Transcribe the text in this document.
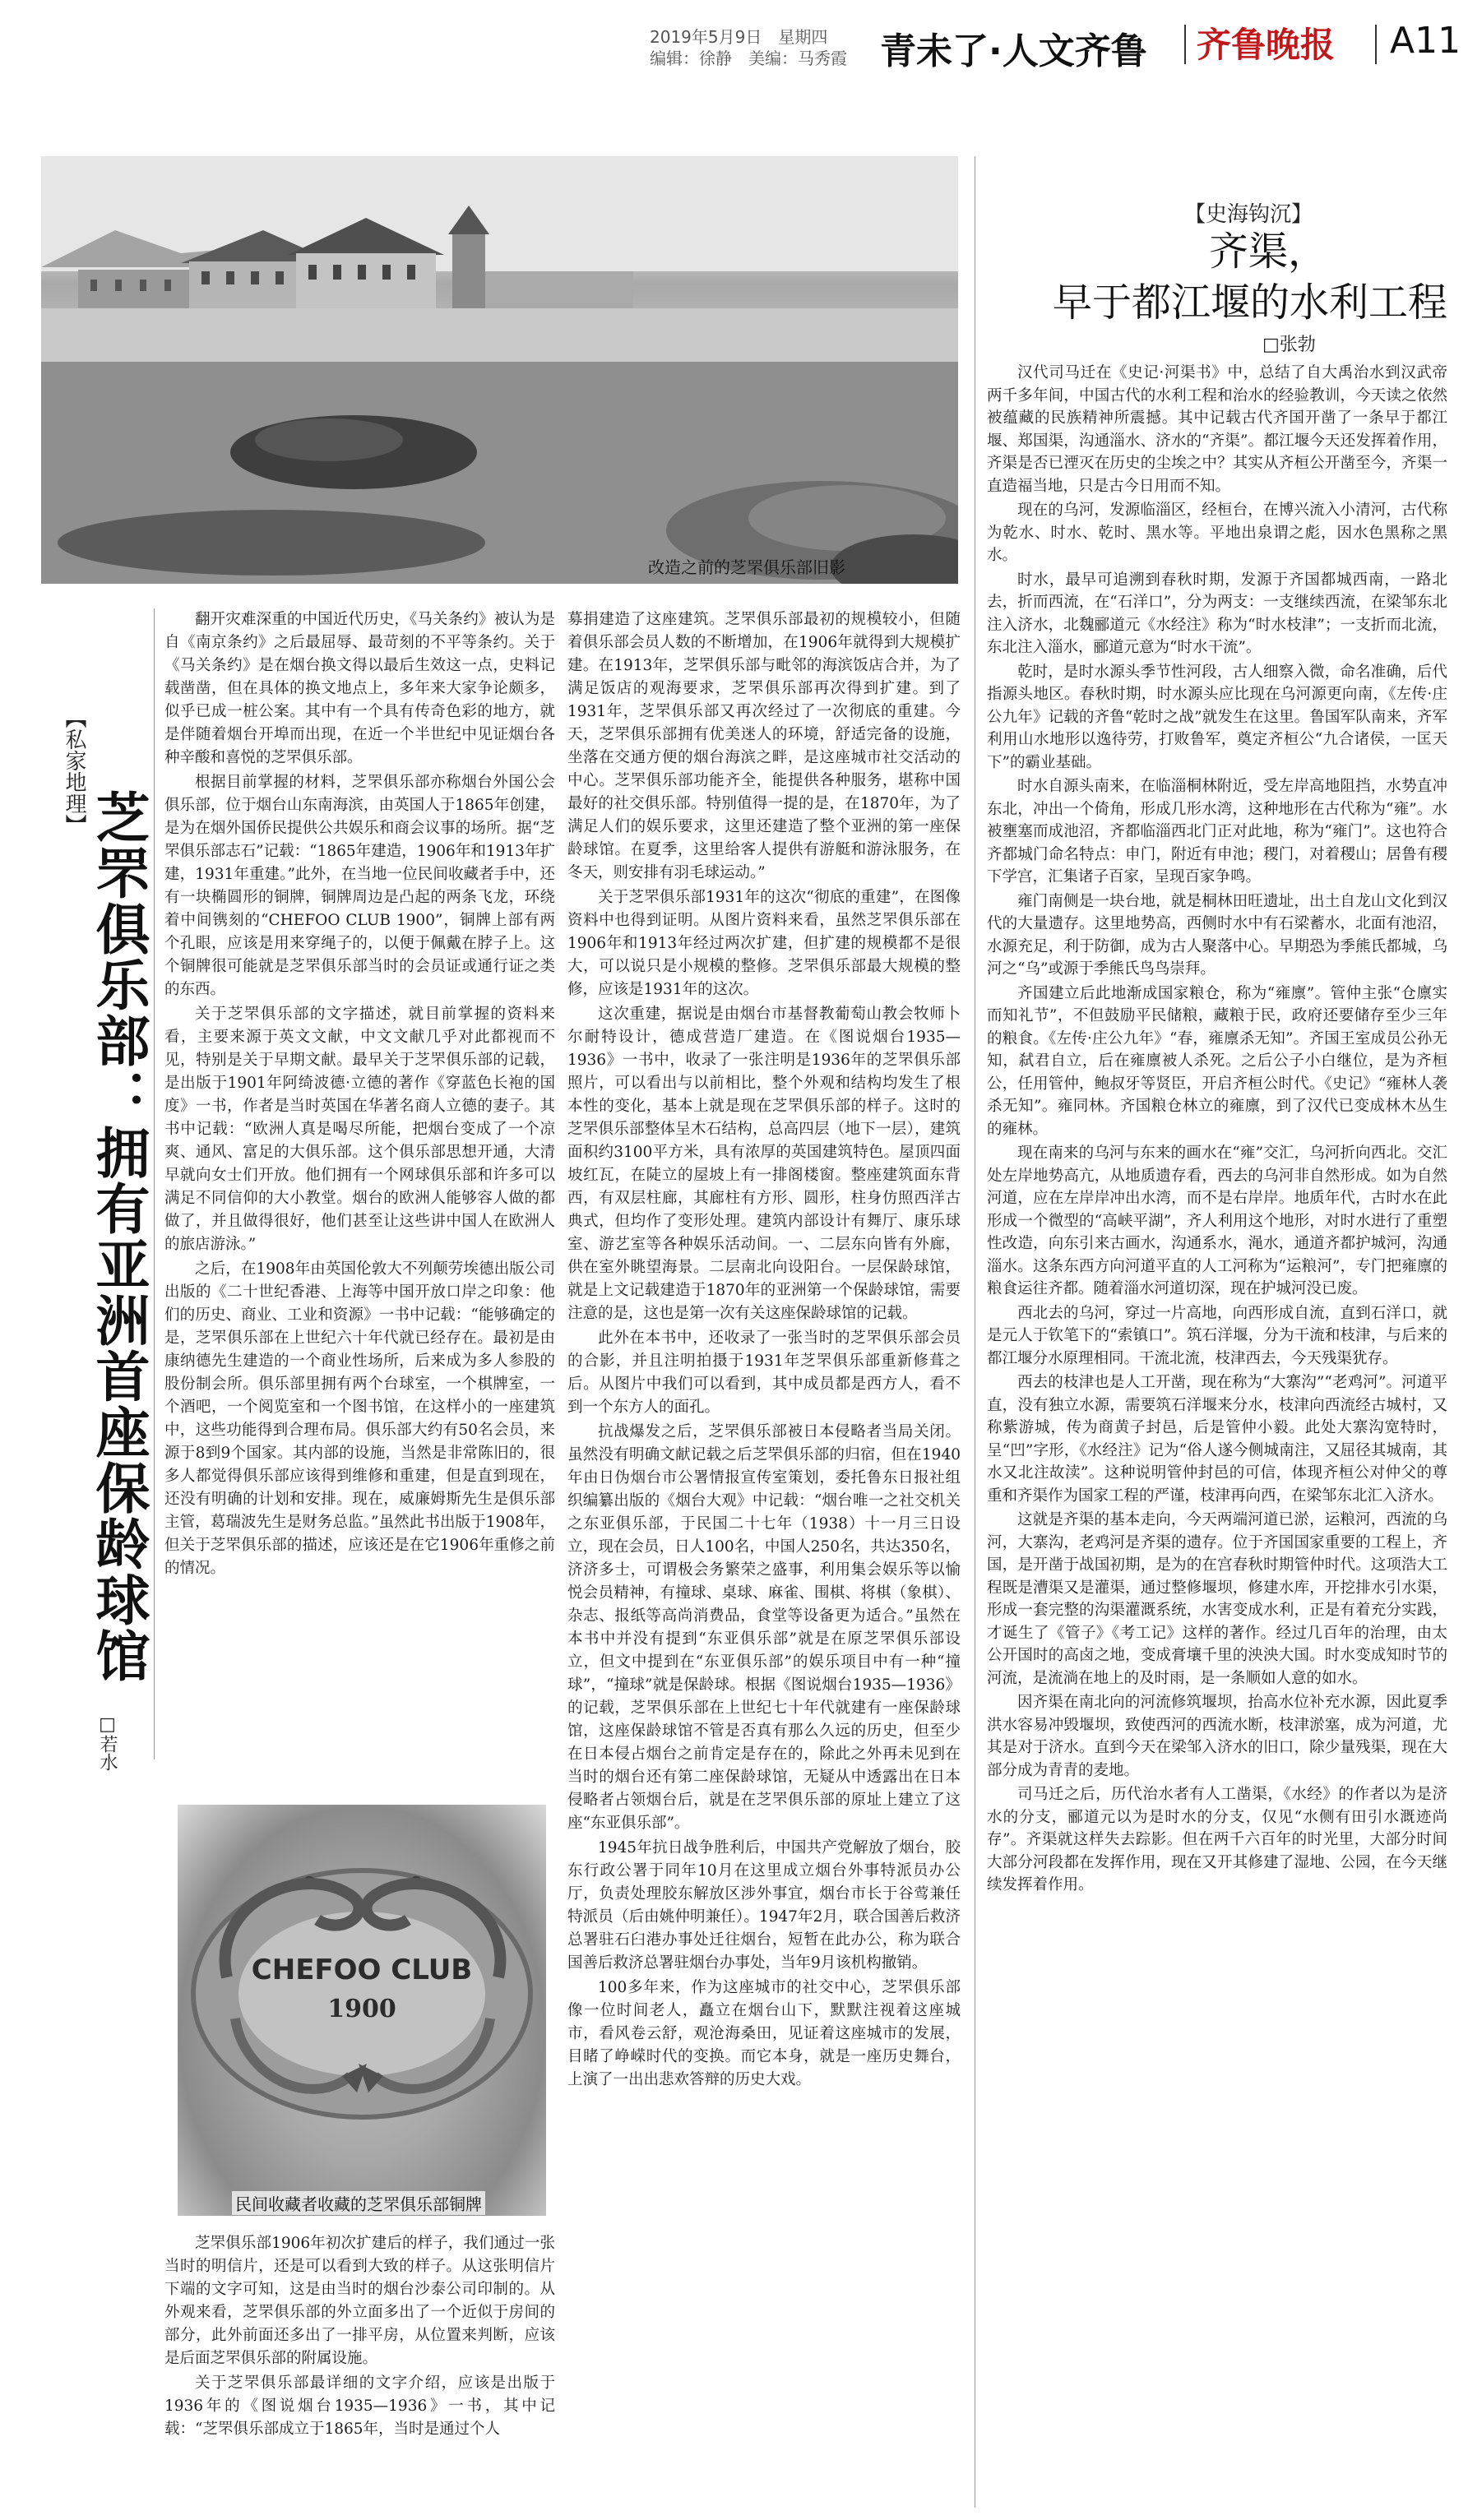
2019年5月9日　星期四
编辑：徐静　美编：马秀霞 青未了·人文齐鲁 齐鲁晚报 A11
改造之前的芝罘俱乐部旧影
【史海钩沉】
齐渠，
早于都江堰的水利工程
□张勃
【私家地理】
芝罘俱乐部：拥有亚洲首座保龄球馆
□若水

翻开灾难深重的中国近代历史，《马关条约》被认为是自《南京条约》之后最屈辱、最苛刻的不平等条约。关于《马关条约》是在烟台换文得以最后生效这一点，史料记载凿凿，但在具体的换文地点上，多年来大家争论颇多，似乎已成一桩公案。其中有一个具有传奇色彩的地方，就是伴随着烟台开埠而出现，在近一个半世纪中见证烟台各种辛酸和喜悦的芝罘俱乐部。

根据目前掌握的材料，芝罘俱乐部亦称烟台外国公会俱乐部，位于烟台山东南海滨，由英国人于1865年创建，是为在烟外国侨民提供公共娱乐和商会议事的场所。据“芝罘俱乐部志石”记载：“1865年建造，1906年和1913年扩建，1931年重建。”此外，在当地一位民间收藏者手中，还有一块椭圆形的铜牌，铜牌周边是凸起的两条飞龙，环绕着中间镌刻的“CHEFOO CLUB 1900”，铜牌上部有两个孔眼，应该是用来穿绳子的，以便于佩戴在脖子上。这个铜牌很可能就是芝罘俱乐部当时的会员证或通行证之类的东西。

关于芝罘俱乐部的文字描述，就目前掌握的资料来看，主要来源于英文文献，中文文献几乎对此都视而不见，特别是关于早期文献。最早关于芝罘俱乐部的记载，是出版于1901年阿绮波德·立德的著作《穿蓝色长袍的国度》一书，作者是当时英国在华著名商人立德的妻子。其书中记载：“欧洲人真是喝尽所能，把烟台变成了一个凉爽、通风、富足的大俱乐部。这个俱乐部思想开通，大清早就向女士们开放。他们拥有一个网球俱乐部和许多可以满足不同信仰的大小教堂。烟台的欧洲人能够容人做的都做了，并且做得很好，他们甚至让这些讲中国人在欧洲人的旅店游泳。”

之后，在1908年由英国伦敦大不列颠劳埃德出版公司出版的《二十世纪香港、上海等中国开放口岸之印象：他们的历史、商业、工业和资源》一书中记载：“能够确定的是，芝罘俱乐部在上世纪六十年代就已经存在。最初是由康纳德先生建造的一个商业性场所，后来成为多人参股的股份制会所。俱乐部里拥有两个台球室，一个棋牌室，一个酒吧，一个阅览室和一个图书馆，在这样小的一座建筑中，这些功能得到合理布局。俱乐部大约有50名会员，来源于8到9个国家。其内部的设施，当然是非常陈旧的，很多人都觉得俱乐部应该得到维修和重建，但是直到现在，还没有明确的计划和安排。现在，威廉姆斯先生是俱乐部主管，葛瑞波先生是财务总监。”虽然此书出版于1908年，但关于芝罘俱乐部的描述，应该还是在它1906年重修之前的情况。

CHEFOO CLUB
1900
民间收藏者收藏的芝罘俱乐部铜牌

芝罘俱乐部1906年初次扩建后的样子，我们通过一张当时的明信片，还是可以看到大致的样子。从这张明信片下端的文字可知，这是由当时的烟台沙泰公司印制的。从外观来看，芝罘俱乐部的外立面多出了一个近似于房间的部分，此外前面还多出了一排平房，从位置来判断，应该是后面芝罘俱乐部的附属设施。

关于芝罘俱乐部最详细的文字介绍，应该是出版于1936年的《图说烟台1935—1936》一书，其中记载：“芝罘俱乐部成立于1865年，当时是通过个人

募捐建造了这座建筑。芝罘俱乐部最初的规模较小，但随着俱乐部会员人数的不断增加，在1906年就得到大规模扩建。在1913年，芝罘俱乐部与毗邻的海滨饭店合并，为了满足饭店的观海要求，芝罘俱乐部再次得到扩建。到了1931年，芝罘俱乐部又再次经过了一次彻底的重建。今天，芝罘俱乐部拥有优美迷人的环境，舒适完备的设施，坐落在交通方便的烟台海滨之畔，是这座城市社交活动的中心。芝罘俱乐部功能齐全，能提供各种服务，堪称中国最好的社交俱乐部。特别值得一提的是，在1870年，为了满足人们的娱乐要求，这里还建造了整个亚洲的第一座保龄球馆。在夏季，这里给客人提供有游艇和游泳服务，在冬天，则安排有羽毛球运动。”

关于芝罘俱乐部1931年的这次“彻底的重建”，在图像资料中也得到证明。从图片资料来看，虽然芝罘俱乐部在1906年和1913年经过两次扩建，但扩建的规模都不是很大，可以说只是小规模的整修。芝罘俱乐部最大规模的整修，应该是1931年的这次。

这次重建，据说是由烟台市基督教葡萄山教会牧师卜尔耐特设计，德成营造厂建造。在《图说烟台1935—1936》一书中，收录了一张注明是1936年的芝罘俱乐部照片，可以看出与以前相比，整个外观和结构均发生了根本性的变化，基本上就是现在芝罘俱乐部的样子。这时的芝罘俱乐部整体呈木石结构，总高四层（地下一层），建筑面积约3100平方米，具有浓厚的英国建筑特色。屋顶四面坡红瓦，在陡立的屋坡上有一排阁楼窗。整座建筑面东背西，有双层柱廊，其廊柱有方形、圆形，柱身仿照西洋古典式，但均作了变形处理。建筑内部设计有舞厅、康乐球室、游艺室等各种娱乐活动间。一、二层东向皆有外廊，供在室外眺望海景。二层南北向设阳台。一层保龄球馆，就是上文记载建造于1870年的亚洲第一个保龄球馆，需要注意的是，这也是第一次有关这座保龄球馆的记载。

此外在本书中，还收录了一张当时的芝罘俱乐部会员的合影，并且注明拍摄于1931年芝罘俱乐部重新修葺之后。从图片中我们可以看到，其中成员都是西方人，看不到一个东方人的面孔。

抗战爆发之后，芝罘俱乐部被日本侵略者当局关闭。虽然没有明确文献记载之后芝罘俱乐部的归宿，但在1940年由日伪烟台市公署情报宣传室策划，委托鲁东日报社组织编纂出版的《烟台大观》中记载：“烟台唯一之社交机关之东亚俱乐部，于民国二十七年（1938）十一月三日设立，现在会员，日人100名，中国人250名，共达350名，济济多士，可谓极会务繁荣之盛事，利用集会娱乐等以愉悦会员精神，有撞球、桌球、麻雀、围棋、将棋（象棋）、杂志、报纸等高尚消费品，食堂等设备更为适合。”虽然在本书中并没有提到“东亚俱乐部”就是在原芝罘俱乐部设立，但文中提到在“东亚俱乐部”的娱乐项目中有一种“撞球”，“撞球”就是保龄球。根据《图说烟台1935—1936》的记载，芝罘俱乐部在上世纪七十年代就建有一座保龄球馆，这座保龄球馆不管是否真有那么久远的历史，但至少在日本侵占烟台之前肯定是存在的，除此之外再未见到在当时的烟台还有第二座保龄球馆，无疑从中透露出在日本侵略者占领烟台后，就是在芝罘俱乐部的原址上建立了这座“东亚俱乐部”。

1945年抗日战争胜利后，中国共产党解放了烟台，胶东行政公署于同年10月在这里成立烟台外事特派员办公厅，负责处理胶东解放区涉外事宜，烟台市长于谷莺兼任特派员（后由姚仲明兼任）。1947年2月，联合国善后救济总署驻石臼港办事处迁往烟台，短暂在此办公，称为联合国善后救济总署驻烟台办事处，当年9月该机构撤销。

100多年来，作为这座城市的社交中心，芝罘俱乐部像一位时间老人，矗立在烟台山下，默默注视着这座城市，看风卷云舒，观沧海桑田，见证着这座城市的发展，目睹了峥嵘时代的变换。而它本身，就是一座历史舞台，上演了一出出悲欢答辩的历史大戏。

汉代司马迁在《史记·河渠书》中，总结了自大禹治水到汉武帝两千多年间，中国古代的水利工程和治水的经验教训，今天读之依然被蕴藏的民族精神所震撼。其中记载古代齐国开凿了一条早于都江堰、郑国渠，沟通淄水、济水的“齐渠”。都江堰今天还发挥着作用，齐渠是否已湮灭在历史的尘埃之中？其实从齐桓公开凿至今，齐渠一直造福当地，只是古今日用而不知。

现在的乌河，发源临淄区，经桓台，在博兴流入小清河，古代称为乾水、时水、乾时、黑水等。平地出泉谓之彪，因水色黑称之黑水。

时水，最早可追溯到春秋时期，发源于齐国都城西南，一路北去，折而西流，在“石洋口”，分为两支：一支继续西流，在梁邹东北注入济水，北魏郦道元《水经注》称为“时水枝津”；一支折而北流，东北注入淄水，郦道元意为“时水干流”。

乾时，是时水源头季节性河段，古人细察入微，命名准确，后代指源头地区。春秋时期，时水源头应比现在乌河源更向南，《左传·庄公九年》记载的齐鲁“乾时之战”就发生在这里。鲁国军队南来，齐军利用山水地形以逸待劳，打败鲁军，奠定齐桓公“九合诸侯，一匡天下”的霸业基础。

时水自源头南来，在临淄桐林附近，受左岸高地阻挡，水势直冲东北，冲出一个倚角，形成几形水湾，这种地形在古代称为“雍”。水被壅塞而成池沼，齐都临淄西北门正对此地，称为“雍门”。这也符合齐都城门命名特点：申门，附近有申池；稷门，对着稷山；居鲁有稷下学宫，汇集诸子百家，呈现百家争鸣。

雍门南侧是一块台地，就是桐林田旺遗址，出土自龙山文化到汉代的大量遗存。这里地势高，西侧时水中有石梁蓄水，北面有池沼，水源充足，利于防御，成为古人聚落中心。早期恐为季熊氏都城，乌河之“乌”或源于季熊氏鸟鸟崇拜。

齐国建立后此地渐成国家粮仓，称为“雍廪”。管仲主张“仓廪实而知礼节”，不但鼓励平民储粮，藏粮于民，政府还要储存至少三年的粮食。《左传·庄公九年》“春，雍廪杀无知”。齐国王室成员公孙无知，弑君自立，后在雍廪被人杀死。之后公子小白继位，是为齐桓公，任用管仲，鲍叔牙等贤臣，开启齐桓公时代。《史记》“雍林人袭杀无知”。雍同林。齐国粮仓林立的雍廪，到了汉代已变成林木丛生的雍林。

现在南来的乌河与东来的画水在“雍”交汇，乌河折向西北。交汇处左岸地势高亢，从地质遗存看，西去的乌河非自然形成。如为自然河道，应在左岸岸冲出水湾，而不是右岸岸。地质年代，古时水在此形成一个微型的“高峡平湖”，齐人利用这个地形，对时水进行了重塑性改造，向东引来古画水，沟通系水，渑水，通道齐都护城河，沟通淄水。这条东西方向河道平直的人工河称为“运粮河”，专门把雍廪的粮食运往齐都。随着淄水河道切深，现在护城河没已废。

西北去的乌河，穿过一片高地，向西形成自流，直到石洋口，就是元人于钦笔下的“索镇口”。筑石洋堰，分为干流和枝津，与后来的都江堰分水原理相同。干流北流，枝津西去，今天残渠犹存。

西去的枝津也是人工开凿，现在称为“大寨沟”“老鸡河”。河道平直，没有独立水源，需要筑石洋堰来分水，枝津向西流经古城村，又称紫游城，传为商黄子封邑，后是管仲小毅。此处大寨沟宽特时，呈“凹”字形，《水经注》记为“俗人遂今侧城南注，又屈径其城南，其水又北注故渎”。这种说明管仲封邑的可信，体现齐桓公对仲父的尊重和齐渠作为国家工程的严谨，枝津再向西，在梁邹东北汇入济水。

这就是齐渠的基本走向，今天两端河道已淤，运粮河，西流的乌河，大寨沟，老鸡河是齐渠的遗存。位于齐国国家重要的工程上，齐国，是开凿于战国初期，是为的在宫春秋时期管仲时代。这项浩大工程既是漕渠又是灌渠，通过整修堰坝，修建水库，开挖排水引水渠，形成一套完整的沟渠灌溉系统，水害变成水利，正是有着充分实践，才诞生了《管子》《考工记》这样的著作。经过几百年的治理，由太公开国时的高卤之地，变成膏壤千里的泱泱大国。时水变成知时节的河流，是流淌在地上的及时雨，是一条顺如人意的如水。

因齐渠在南北向的河流修筑堰坝，抬高水位补充水源，因此夏季洪水容易冲毁堰坝，致使西河的西流水断，枝津淤塞，成为河道，尤其是对于济水。直到今天在梁邹入济水的旧口，除少量残渠，现在大部分成为青青的麦地。

司马迁之后，历代治水者有人工凿渠，《水经》的作者以为是济水的分支，郦道元以为是时水的分支，仅见“水侧有田引水溉迹尚存”。齐渠就这样失去踪影。但在两千六百年的时光里，大部分时间大部分河段都在发挥作用，现在又开其修建了湿地、公园，在今天继续发挥着作用。
